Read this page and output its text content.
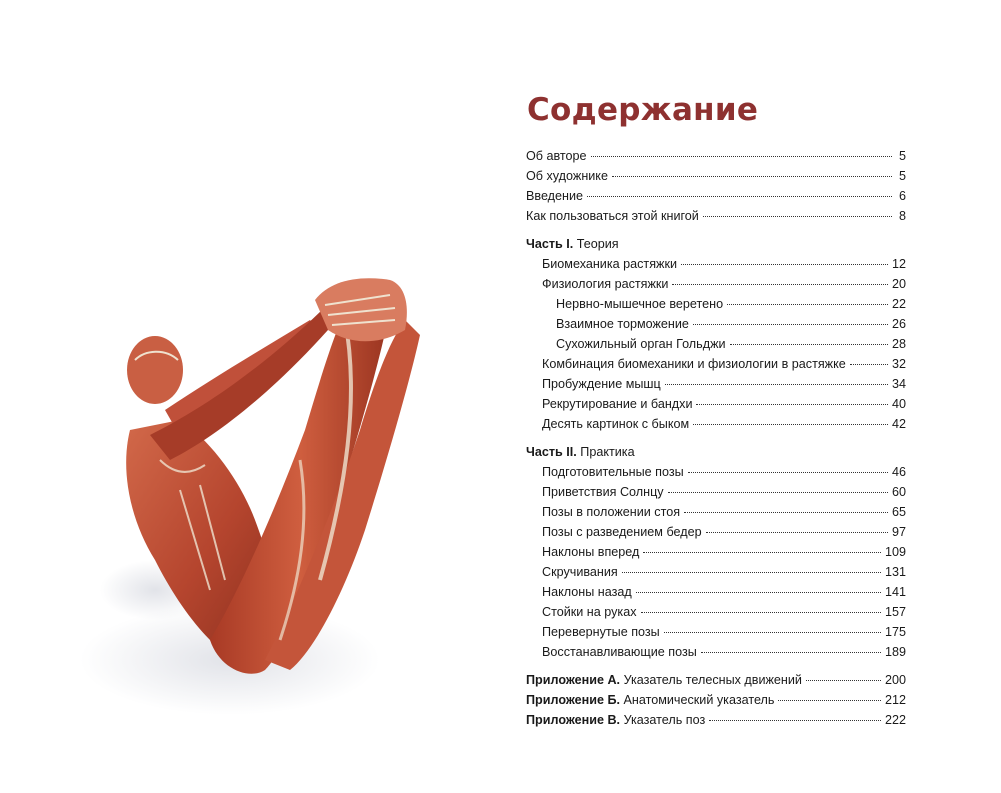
Содержание
Об авторе	5
Об художнике	5
Введение	6
Как пользоваться этой книгой	8
Часть I. Теория
Биомеханика растяжки	12
Физиология растяжки	20
Нервно-мышечное веретено	22
Взаимное торможение	26
Сухожильный орган Гольджи	28
Комбинация биомеханики и физиологии в растяжке	32
Пробуждение мышц	34
Рекрутирование и бандхи	40
Десять картинок с быком	42
Часть II. Практика
Подготовительные позы	46
Приветствия Солнцу	60
Позы в положении стоя	65
Позы с разведением бедер	97
Наклоны вперед	109
Скручивания	131
Наклоны назад	141
Стойки на руках	157
Перевернутые позы	175
Восстанавливающие позы	189
Приложение А. Указатель телесных движений	200
Приложение Б. Анатомический указатель	212
Приложение В. Указатель поз	222
